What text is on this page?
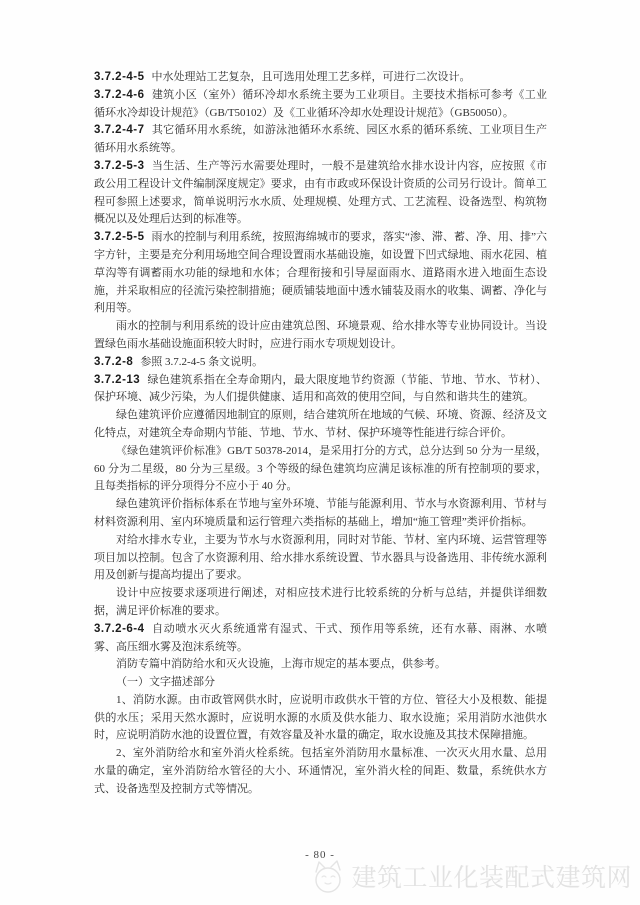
3.7.2-4-5 中水处理站工艺复杂，且可选用处理工艺多样，可进行二次设计。

3.7.2-4-6 建筑小区（室外）循环冷却水系统主要为工业项目。主要技术指标可参考《工业循环水冷却设计规范》（GB/T50102）及《工业循环冷却水处理设计规范》（GB50050）。

3.7.2-4-7 其它循环用水系统，如游泳池循环水系统、园区水系的循环系统、工业项目生产循环用水系统等。

3.7.2-5-3 当生活、生产等污水需要处理时，一般不是建筑给水排水设计内容，应按照《市政公用工程设计文件编制深度规定》要求，由有市政或环保设计资质的公司另行设计。简单工程可参照上述要求，简单说明污水水质、处理规模、处理方式、工艺流程、设备选型、构筑物概况以及处理后达到的标准等。

3.7.2-5-5 雨水的控制与利用系统，按照海绵城市的要求，落实“渗、滞、蓄、净、用、排”六字方针，主要是充分利用场地空间合理设置雨水基础设施，如设置下凹式绿地、雨水花园、植草沟等有调蓄雨水功能的绿地和水体；合理衔接和引导屋面雨水、道路雨水进入地面生态设施，并采取相应的径流污染控制措施；硬质铺装地面中透水铺装及雨水的收集、调蓄、净化与利用等。

雨水的控制与利用系统的设计应由建筑总图、环境景观、给水排水等专业协同设计。当设置绿色雨水基础设施面积较大时时，应进行雨水专项规划设计。

3.7.2-8 参照 3.7.2-4-5 条文说明。

3.7.2-13 绿色建筑系指在全寿命期内，最大限度地节约资源（节能、节地、节水、节材）、保护环境、减少污染，为人们提供健康、适用和高效的使用空间，与自然和谐共生的建筑。

绿色建筑评价应遵循因地制宜的原则，结合建筑所在地域的气候、环境、资源、经济及文化特点，对建筑全寿命期内节能、节地、节水、节材、保护环境等性能进行综合评价。

《绿色建筑评价标准》GB/T 50378-2014，是采用打分的方式，总分达到 50 分为一星级，60 分为二星级，80 分为三星级。3 个等级的绿色建筑均应满足该标准的所有控制项的要求，且每类指标的评分项得分不应小于 40 分。

绿色建筑评价指标体系在节地与室外环境、节能与能源利用、节水与水资源利用、节材与材料资源利用、室内环境质量和运行管理六类指标的基础上，增加“施工管理”类评价指标。

对给水排水专业，主要为节水与水资源利用，同时对节能、节材、室内环境、运营管理等项目加以控制。包含了水资源利用、给水排水系统设置、节水器具与设备选用、非传统水源利用及创新与提高均提出了要求。

设计中应按要求逐项进行阐述，对相应技术进行比较系统的分析与总结，并提供详细数据，满足评价标准的要求。

3.7.2-6-4 自动喷水灭火系统通常有湿式、干式、预作用等系统，还有水幕、雨淋、水喷雾、高压细水雾及泡沫系统等。

消防专篇中消防给水和灭火设施，上海市规定的基本要点，供参考。

（一）文字描述部分

1、消防水源。由市政管网供水时，应说明市政供水干管的方位、管径大小及根数、能提供的水压；采用天然水源时，应说明水源的水质及供水能力、取水设施；采用消防水池供水时，应说明消防水池的设置位置，有效容量及补水量的确定，取水设施及其技术保障措施。

2、室外消防给水和室外消火栓系统。包括室外消防用水量标准、一次灭火用水量、总用水量的确定，室外消防给水管径的大小、环通情况，室外消火栓的间距、数量，系统供水方式、设备选型及控制方式等情况。

- 80 -
建筑工业化装配式建筑网
